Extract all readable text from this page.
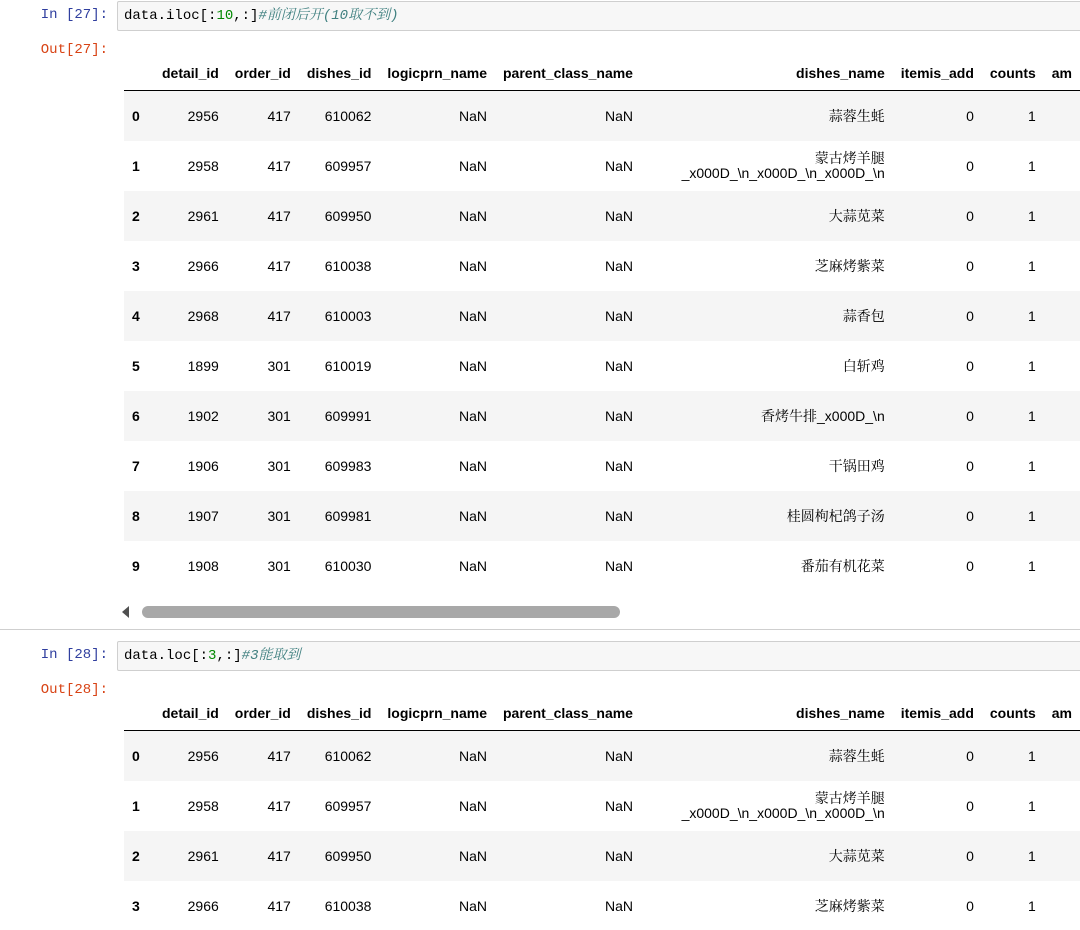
In [27]:	data.iloc[:10,:]#前闭后开(10取不到)
Out[27]:
	detail_id	order_id	dishes_id	logicprn_name	parent_class_name	dishes_name	itemis_add	counts	am
0	2956	417	610062	NaN	NaN	蒜蓉生蚝	0	1	
1	2958	417	609957	NaN	NaN	蒙古烤羊腿 _x000D_\n_x000D_\n_x000D_\n	0	1	
2	2961	417	609950	NaN	NaN	大蒜苋菜	0	1	
3	2966	417	610038	NaN	NaN	芝麻烤紫菜	0	1	
4	2968	417	610003	NaN	NaN	蒜香包	0	1	
5	1899	301	610019	NaN	NaN	白斩鸡	0	1	
6	1902	301	609991	NaN	NaN	香烤牛排_x000D_\n	0	1	
7	1906	301	609983	NaN	NaN	干锅田鸡	0	1	
8	1907	301	609981	NaN	NaN	桂圆枸杞鸽子汤	0	1	
9	1908	301	610030	NaN	NaN	番茄有机花菜	0	1	
In [28]:	data.loc[:3,:]#3能取到
Out[28]:
	detail_id	order_id	dishes_id	logicprn_name	parent_class_name	dishes_name	itemis_add	counts	am
0	2956	417	610062	NaN	NaN	蒜蓉生蚝	0	1	
1	2958	417	609957	NaN	NaN	蒙古烤羊腿 _x000D_\n_x000D_\n_x000D_\n	0	1	
2	2961	417	609950	NaN	NaN	大蒜苋菜	0	1	
3	2966	417	610038	NaN	NaN	芝麻烤紫菜	0	1	
